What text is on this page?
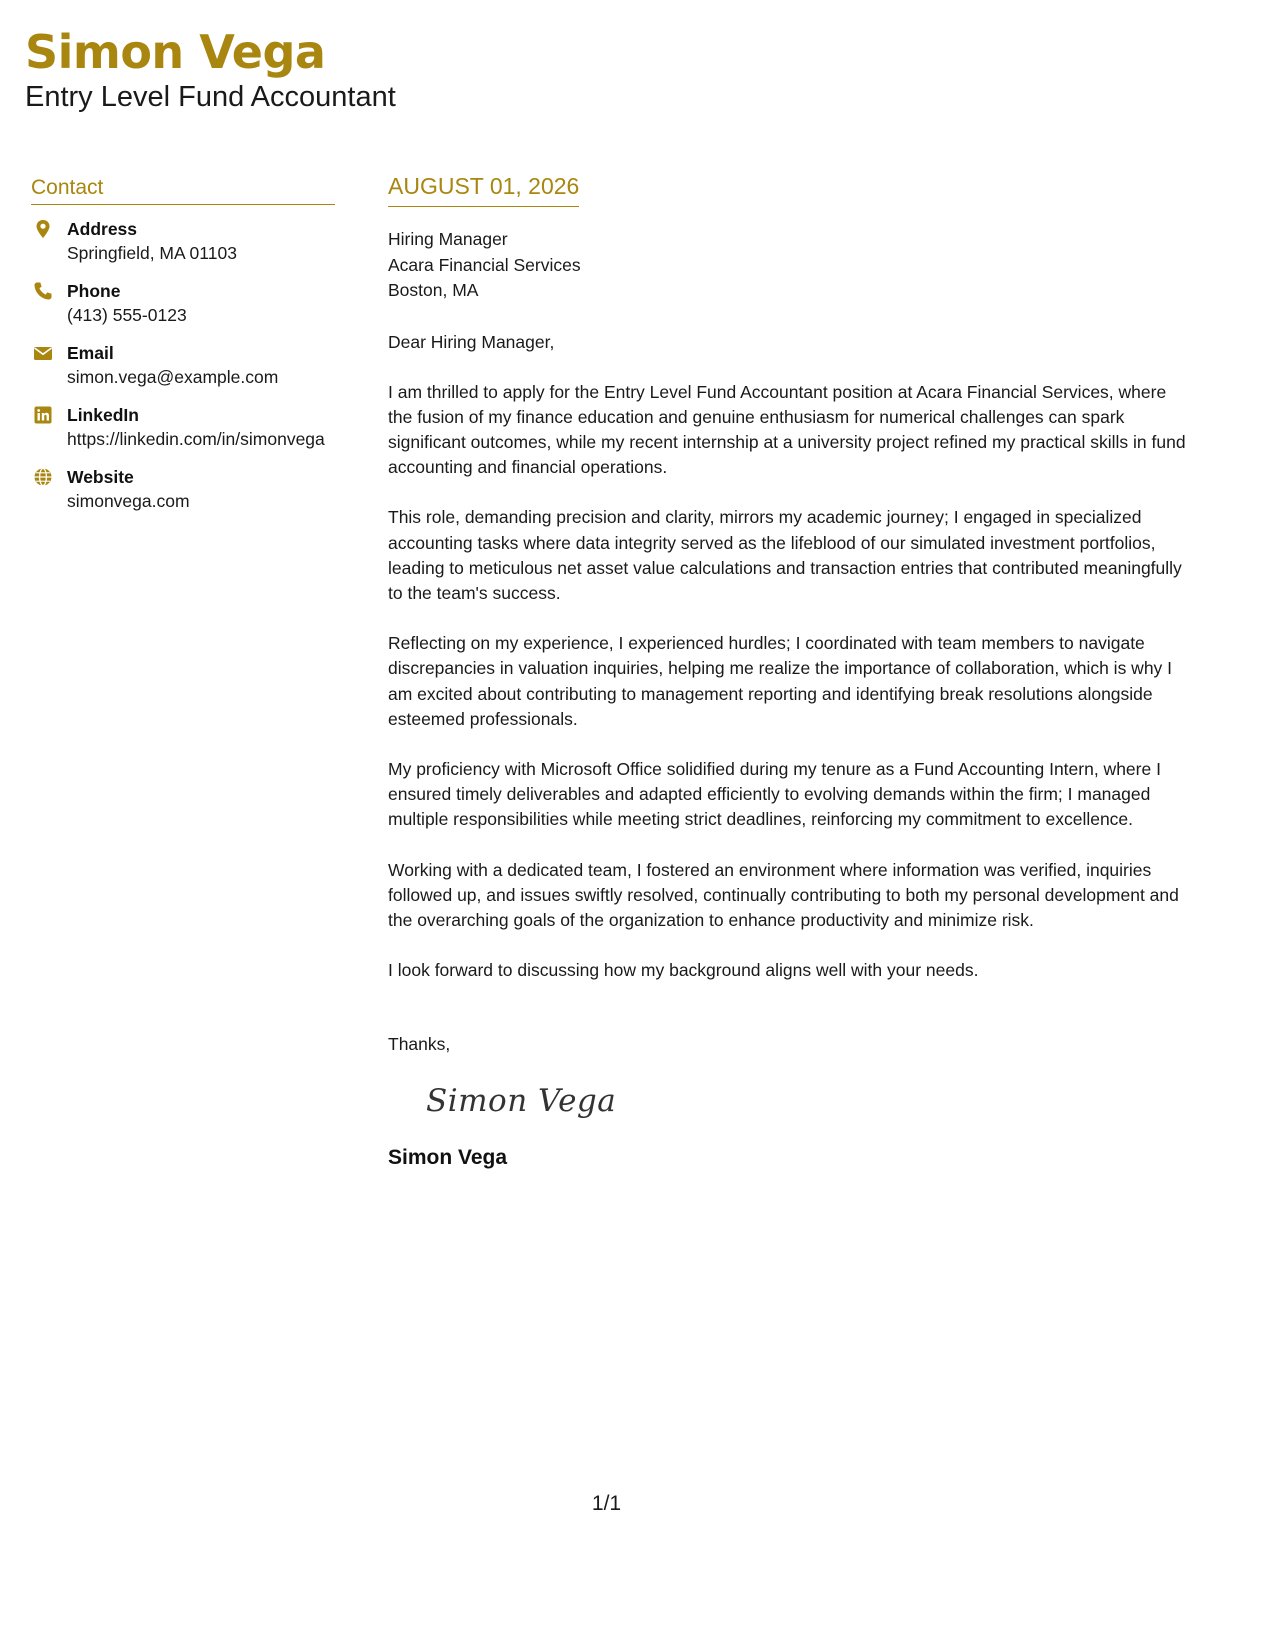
Simon Vega
Entry Level Fund Accountant
Contact
Address
Springfield, MA 01103
Phone
(413) 555-0123
Email
simon.vega@example.com
LinkedIn
https://linkedin.com/in/simonvega
Website
simonvega.com
AUGUST 01, 2026
Hiring Manager
Acara Financial Services
Boston, MA
Dear Hiring Manager,
I am thrilled to apply for the Entry Level Fund Accountant position at Acara Financial Services, where the fusion of my finance education and genuine enthusiasm for numerical challenges can spark significant outcomes, while my recent internship at a university project refined my practical skills in fund accounting and financial operations.
This role, demanding precision and clarity, mirrors my academic journey; I engaged in specialized accounting tasks where data integrity served as the lifeblood of our simulated investment portfolios, leading to meticulous net asset value calculations and transaction entries that contributed meaningfully to the team's success.
Reflecting on my experience, I experienced hurdles; I coordinated with team members to navigate discrepancies in valuation inquiries, helping me realize the importance of collaboration, which is why I am excited about contributing to management reporting and identifying break resolutions alongside esteemed professionals.
My proficiency with Microsoft Office solidified during my tenure as a Fund Accounting Intern, where I ensured timely deliverables and adapted efficiently to evolving demands within the firm; I managed multiple responsibilities while meeting strict deadlines, reinforcing my commitment to excellence.
Working with a dedicated team, I fostered an environment where information was verified, inquiries followed up, and issues swiftly resolved, continually contributing to both my personal development and the overarching goals of the organization to enhance productivity and minimize risk.
I look forward to discussing how my background aligns well with your needs.
Thanks,
Simon Vega
Simon Vega
1/1
